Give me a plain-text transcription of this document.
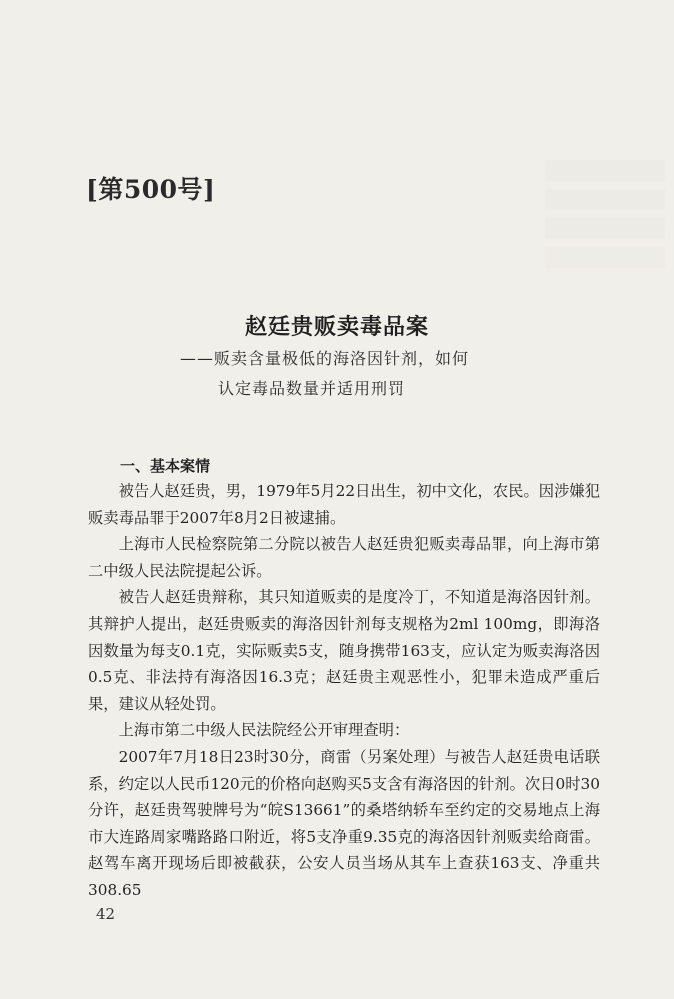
[第500号]
赵廷贵贩卖毒品案
——贩卖含量极低的海洛因针剂，如何
认定毒品数量并适用刑罚
一、基本案情

被告人赵廷贵，男，1979年5月22日出生，初中文化，农民。因涉嫌犯贩卖毒品罪于2007年8月2日被逮捕。

上海市人民检察院第二分院以被告人赵廷贵犯贩卖毒品罪，向上海市第二中级人民法院提起公诉。

被告人赵廷贵辩称，其只知道贩卖的是度冷丁，不知道是海洛因针剂。其辩护人提出，赵廷贵贩卖的海洛因针剂每支规格为2ml 100mg，即海洛因数量为每支0.1克，实际贩卖5支，随身携带163支，应认定为贩卖海洛因0.5克、非法持有海洛因16.3克；赵廷贵主观恶性小，犯罪未造成严重后果，建议从轻处罚。

上海市第二中级人民法院经公开审理查明：

2007年7月18日23时30分，商雷（另案处理）与被告人赵廷贵电话联系，约定以人民币120元的价格向赵购买5支含有海洛因的针剂。次日0时30分许，赵廷贵驾驶牌号为“皖S13661”的桑塔纳轿车至约定的交易地点上海市大连路周家嘴路路口附近，将5支净重9.35克的海洛因针剂贩卖给商雷。赵驾车离开现场后即被截获，公安人员当场从其车上查获163支、净重共308.65

42
